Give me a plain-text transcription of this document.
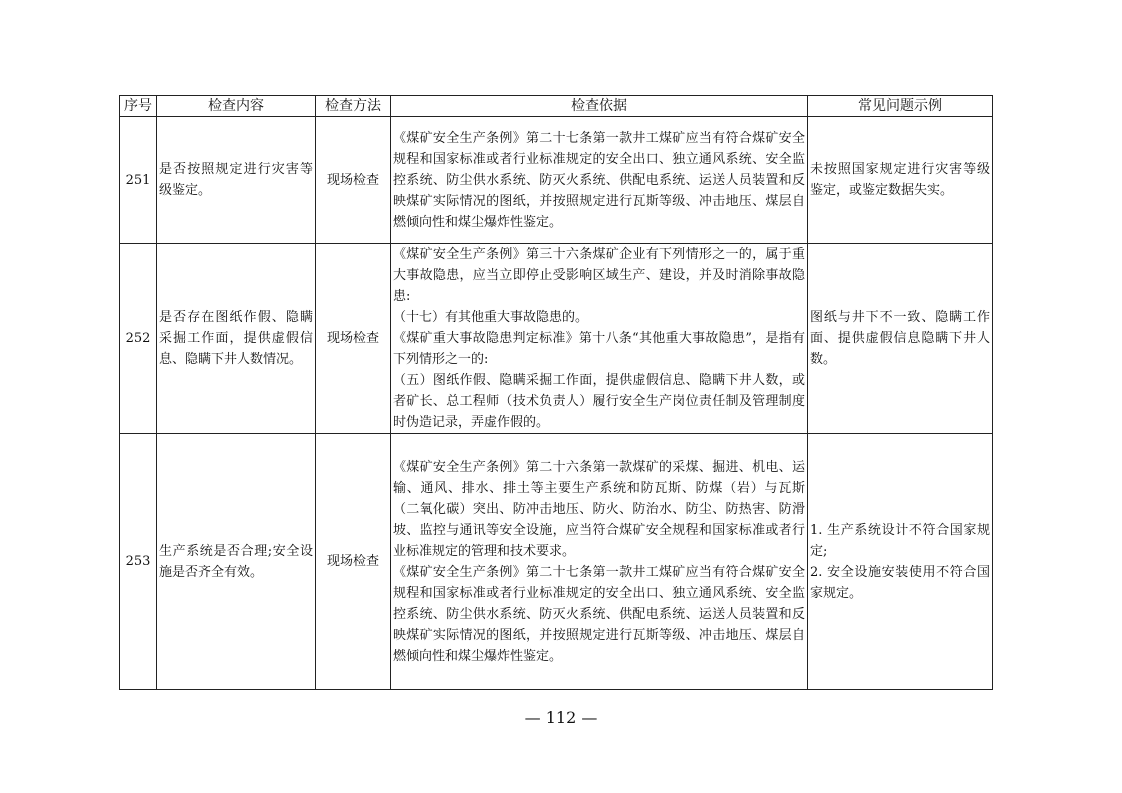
序号	检查内容	检查方法	检查依据	常见问题示例
251	是否按照规定进行灾害等级鉴定。	现场检查	《煤矿安全生产条例》第二十七条第一款井工煤矿应当有符合煤矿安全规程和国家标准或者行业标准规定的安全出口、独立通风系统、安全监控系统、防尘供水系统、防灭火系统、供配电系统、运送人员装置和反映煤矿实际情况的图纸，并按照规定进行瓦斯等级、冲击地压、煤层自燃倾向性和煤尘爆炸性鉴定。	未按照国家规定进行灾害等级鉴定，或鉴定数据失实。
252	是否存在图纸作假、隐瞒采掘工作面，提供虚假信息、隐瞒下井人数情况。	现场检查	《煤矿安全生产条例》第三十六条煤矿企业有下列情形之一的，属于重大事故隐患，应当立即停止受影响区域生产、建设，并及时消除事故隐患:
（十七）有其他重大事故隐患的。
《煤矿重大事故隐患判定标准》第十八条“其他重大事故隐患”，是指有下列情形之一的:
（五）图纸作假、隐瞒采掘工作面，提供虚假信息、隐瞒下井人数，或者矿长、总工程师（技术负责人）履行安全生产岗位责任制及管理制度时伪造记录，弄虚作假的。	图纸与井下不一致、隐瞒工作面、提供虚假信息隐瞒下井人数。
253	生产系统是否合理;安全设施是否齐全有效。	现场检查	《煤矿安全生产条例》第二十六条第一款煤矿的采煤、掘进、机电、运输、通风、排水、排土等主要生产系统和防瓦斯、防煤（岩）与瓦斯（二氧化碳）突出、防冲击地压、防火、防治水、防尘、防热害、防滑坡、监控与通讯等安全设施，应当符合煤矿安全规程和国家标准或者行业标准规定的管理和技术要求。
《煤矿安全生产条例》第二十七条第一款井工煤矿应当有符合煤矿安全规程和国家标准或者行业标准规定的安全出口、独立通风系统、安全监控系统、防尘供水系统、防灭火系统、供配电系统、运送人员装置和反映煤矿实际情况的图纸，并按照规定进行瓦斯等级、冲击地压、煤层自燃倾向性和煤尘爆炸性鉴定。	1. 生产系统设计不符合国家规定;
2. 安全设施安装使用不符合国家规定。
— 112 —
